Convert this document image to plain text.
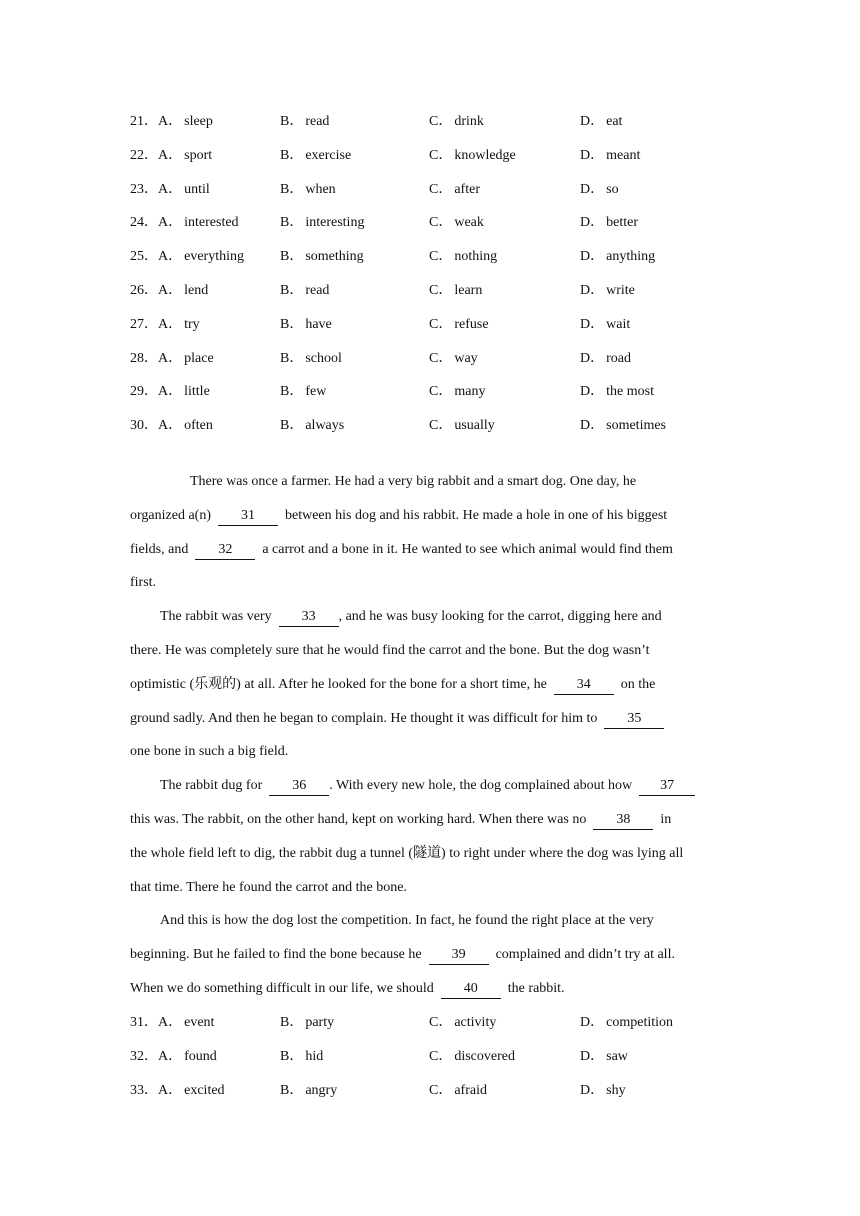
21． A． sleep	B． read	C． drink	D． eat
22． A． sport	B． exercise	C． knowledge	D． meant
23． A． until	B． when	C． after	D． so
24． A． interested	B． interesting	C． weak	D． better
25． A． everything	B． something	C． nothing	D． anything
26． A． lend	B． read	C． learn	D． write
27． A． try	B． have	C． refuse	D． wait
28． A． place	B． school	C． way	D． road
29． A． little	B． few	C． many	D． the most
30． A． often	B． always	C． usually	D． sometimes
There was once a farmer. He had a very big rabbit and a smart dog. One day, he
organized a(n)  31  between his dog and his rabbit. He made a hole in one of his biggest
fields, and  32  a carrot and a bone in it. He wanted to see which animal would find them
first.
The rabbit was very  33 , and he was busy looking for the carrot, digging here and
there. He was completely sure that he would find the carrot and the bone. But the dog wasn’t
optimistic (乐观的) at all. After he looked for the bone for a short time, he  34  on the
ground sadly. And then he began to complain. He thought it was difficult for him to  35
one bone in such a big field.
The rabbit dug for  36 . With every new hole, the dog complained about how  37
this was. The rabbit, on the other hand, kept on working hard. When there was no  38  in
the whole field left to dig, the rabbit dug a tunnel (隧道) to right under where the dog was lying all
that time. There he found the carrot and the bone.
And this is how the dog lost the competition. In fact, he found the right place at the very
beginning. But he failed to find the bone because he  39  complained and didn’t try at all.
When we do something difficult in our life, we should  40  the rabbit.
31． A． event	B． party	C． activity	D． competition
32． A． found	B． hid	C． discovered	D． saw
33． A． excited	B． angry	C． afraid	D． shy
